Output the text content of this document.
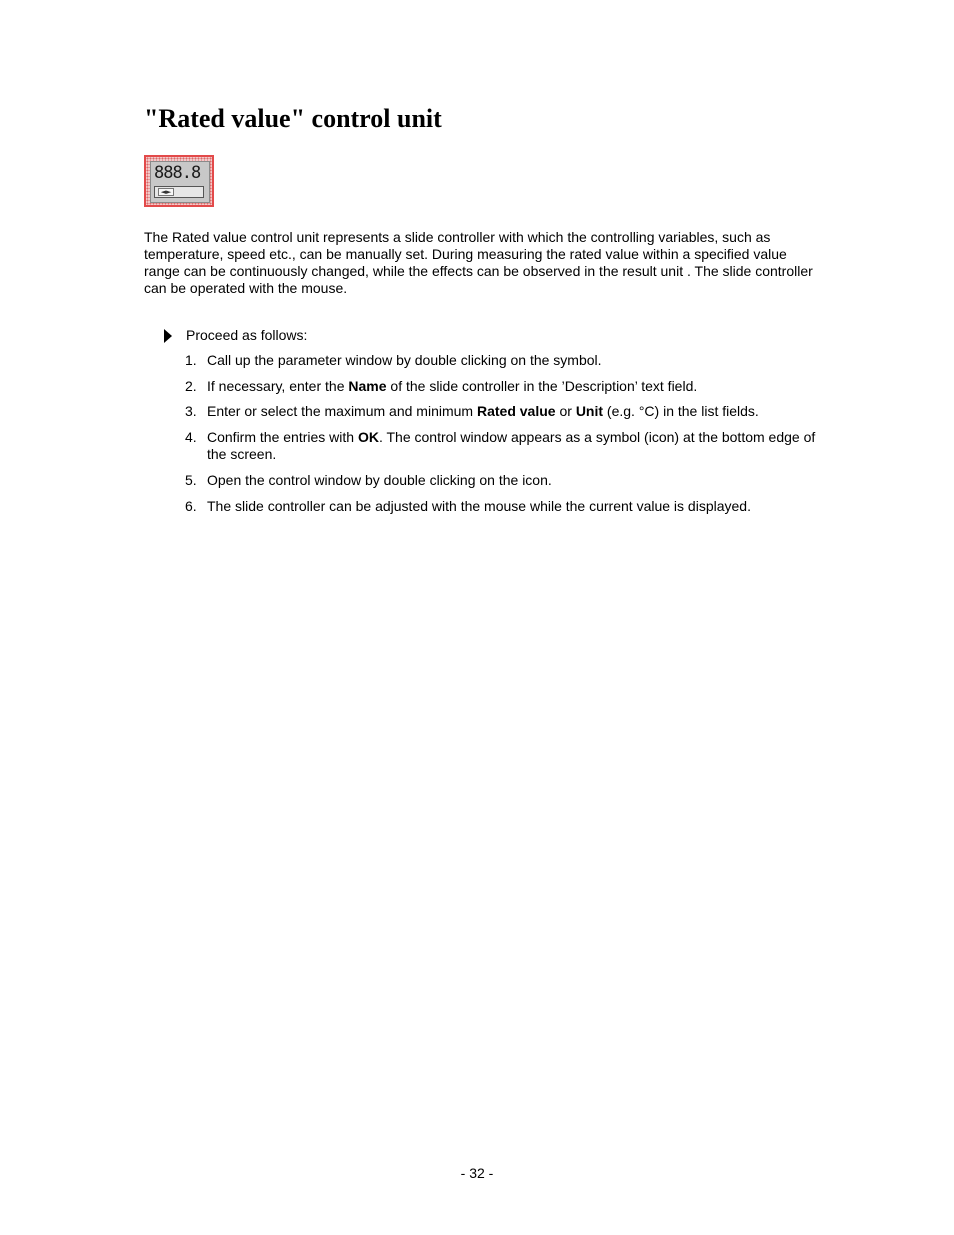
"Rated value" control unit
888.8
◄►

The Rated value control unit represents a slide controller with which the controlling variables, such as temperature, speed etc., can be manually set. During measuring the rated value within a specified value range can be continuously changed, while the effects can be observed in the result unit . The slide controller can be operated with the mouse.

Proceed as follows:
1. Call up the parameter window by double clicking on the symbol.
2. If necessary, enter the Name of the slide controller in the ’Description’ text field.
3. Enter or select the maximum and minimum Rated value or Unit (e.g. °C) in the list fields.
4. Confirm the entries with OK. The control window appears as a symbol (icon) at the bottom edge of the screen.
5. Open the control window by double clicking on the icon.
6. The slide controller can be adjusted with the mouse while the current value is displayed.
- 32 -
